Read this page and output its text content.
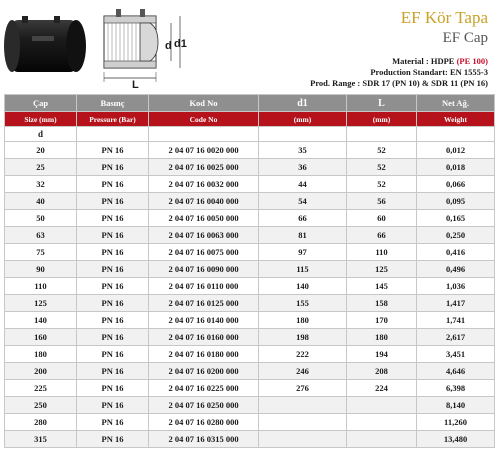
d d1
L
EF Kör Tapa
EF Cap
Material : HDPE (PE 100)
Production Standart: EN 1555-3
Prod. Range : SDR 17 (PN 10) & SDR 11 (PN 16)
Çap	Basınç	Kod No	d1	L	Net Ağ.
Size (mm)	Pressure (Bar)	Code No	(mm)	(mm)	Weight
d					
20	PN 16	2 04 07 16 0020 000	35	52	0,012
25	PN 16	2 04 07 16 0025 000	36	52	0,018
32	PN 16	2 04 07 16 0032 000	44	52	0,066
40	PN 16	2 04 07 16 0040 000	54	56	0,095
50	PN 16	2 04 07 16 0050 000	66	60	0,165
63	PN 16	2 04 07 16 0063 000	81	66	0,250
75	PN 16	2 04 07 16 0075 000	97	110	0,416
90	PN 16	2 04 07 16 0090 000	115	125	0,496
110	PN 16	2 04 07 16 0110 000	140	145	1,036
125	PN 16	2 04 07 16 0125 000	155	158	1,417
140	PN 16	2 04 07 16 0140 000	180	170	1,741
160	PN 16	2 04 07 16 0160 000	198	180	2,617
180	PN 16	2 04 07 16 0180 000	222	194	3,451
200	PN 16	2 04 07 16 0200 000	246	208	4,646
225	PN 16	2 04 07 16 0225 000	276	224	6,398
250	PN 16	2 04 07 16 0250 000			8,140
280	PN 16	2 04 07 16 0280 000			11,260
315	PN 16	2 04 07 16 0315 000			13,480
